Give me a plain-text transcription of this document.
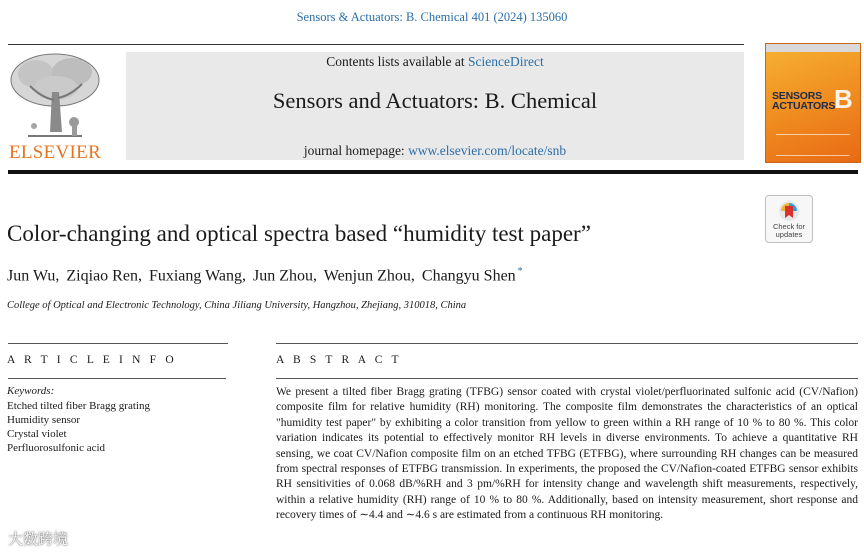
Sensors & Actuators: B. Chemical 401 (2024) 135060
ELSEVIER
Contents lists available at ScienceDirect
Sensors and Actuators: B. Chemical
journal homepage: www.elsevier.com/locate/snb
SENSORS
ACTUATORS
B
Check for
updates
Color-changing and optical spectra based “humidity test paper”
Jun Wu, Ziqiao Ren, Fuxiang Wang, Jun Zhou, Wenjun Zhou, Changyu Shen *
College of Optical and Electronic Technology, China Jiliang University, Hangzhou, Zhejiang, 310018, China
A R T I C L E I N F O	A B S T R A C T
Keywords:
Etched tilted fiber Bragg grating
Humidity sensor
Crystal violet
Perfluorosulfonic acid
We present a tilted fiber Bragg grating (TFBG) sensor coated with crystal violet/perfluorinated sulfonic acid (CV/Nafion) composite film for relative humidity (RH) monitoring. The composite film demonstrates the characteristics of an optical "humidity test paper" by exhibiting a color transition from yellow to green within a RH range of 10 % to 80 %. This color variation indicates its potential to effectively monitor RH levels in diverse environments. To achieve a quantitative RH sensing, we coat CV/Nafion composite film on an etched TFBG (ETFBG), where surrounding RH changes can be measured from spectral responses of ETFBG transmission. In experiments, the proposed the CV/Nafion-coated ETFBG sensor exhibits RH sensitivities of 0.068 dB/%RH and 3 pm/%RH for intensity change and wavelength shift measurements, respectively, within a relative humidity (RH) range of 10 % to 80 %. Additionally, based on intensity measurement, short response and recovery times of ∼4.4 and ∼4.6 s are estimated from a continuous RH monitoring.
大数跨境
